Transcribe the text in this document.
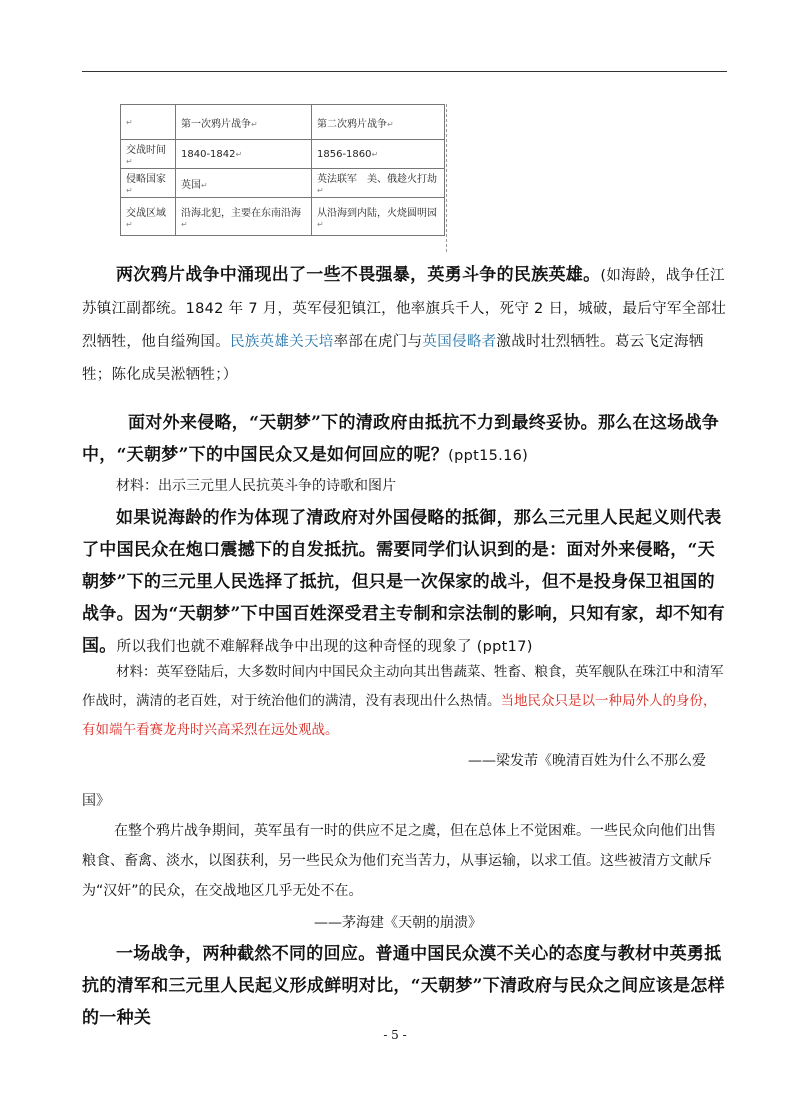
↵	第一次鸦片战争↵	第二次鸦片战争↵
交战时间↵	1840-1842↵	1856-1860↵
侵略国家↵	英国↵	英法联军　美、俄趁火打劫↵
交战区域↵	沿海北犯，主要在东南沿海↵	从沿海到内陆，火烧圆明园↵
两次鸦片战争中涌现出了一些不畏强暴，英勇斗争的民族英雄。(如海龄，战争任江苏镇江副都统。1842 年 7 月，英军侵犯镇江，他率旗兵千人，死守 2 日，城破，最后守军全部壮烈牺牲，他自缢殉国。民族英雄关天培率部在虎门与英国侵略者激战时壮烈牺牲。葛云飞定海牺牲；陈化成吴淞牺牲；）
面对外来侵略，“天朝梦”下的清政府由抵抗不力到最终妥协。那么在这场战争中，“天朝梦”下的中国民众又是如何回应的呢？(ppt15.16)
材料：出示三元里人民抗英斗争的诗歌和图片
如果说海龄的作为体现了清政府对外国侵略的抵御，那么三元里人民起义则代表了中国民众在炮口震撼下的自发抵抗。需要同学们认识到的是：面对外来侵略，“天朝梦”下的三元里人民选择了抵抗，但只是一次保家的战斗，但不是投身保卫祖国的战争。因为“天朝梦”下中国百姓深受君主专制和宗法制的影响，只知有家，却不知有国。所以我们也就不难解释战争中出现的这种奇怪的现象了 (ppt17)
材料：英军登陆后，大多数时间内中国民众主动向其出售蔬菜、牲畜、粮食，英军舰队在珠江中和清军作战时，满清的老百姓，对于统治他们的满清，没有表现出什么热情。当地民众只是以一种局外人的身份，有如端午看赛龙舟时兴高采烈在远处观战。
——梁发芾《晚清百姓为什么不那么爱
国》
在整个鸦片战争期间，英军虽有一时的供应不足之虞，但在总体上不觉困难。一些民众向他们出售粮食、畜禽、淡水，以图获利，另一些民众为他们充当苦力，从事运输，以求工值。这些被清方文献斥为“汉奸”的民众，在交战地区几乎无处不在。
——茅海建《天朝的崩溃》
一场战争，两种截然不同的回应。普通中国民众漠不关心的态度与教材中英勇抵抗的清军和三元里人民起义形成鲜明对比，“天朝梦”下清政府与民众之间应该是怎样的一种关
- 5 -
